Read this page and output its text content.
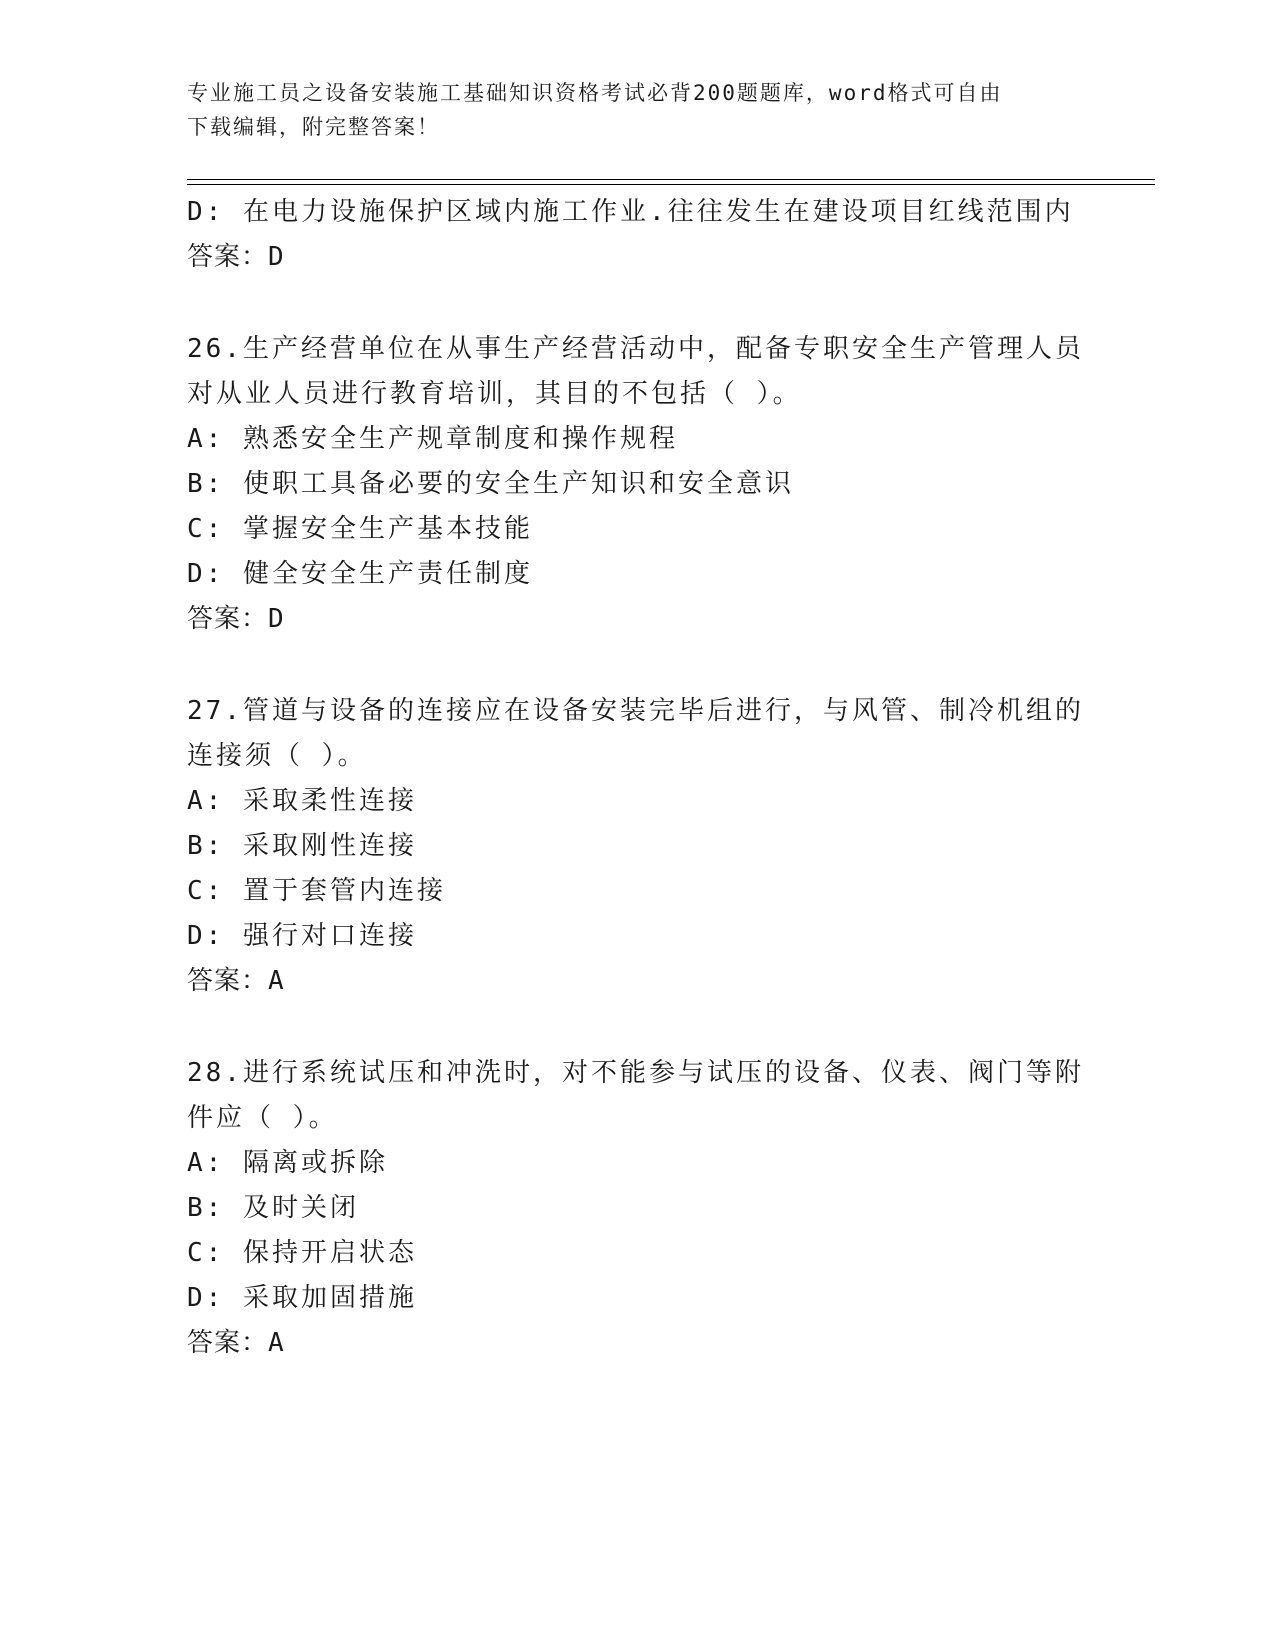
专业施工员之设备安装施工基础知识资格考试必背200题题库，word格式可自由
下载编辑，附完整答案！
D: 在电力设施保护区域内施工作业.往往发生在建设项目红线范围内
答案：D
26.生产经营单位在从事生产经营活动中，配备专职安全生产管理人员
对从业人员进行教育培训，其目的不包括（ ）。
A: 熟悉安全生产规章制度和操作规程
B: 使职工具备必要的安全生产知识和安全意识
C: 掌握安全生产基本技能
D: 健全安全生产责任制度
答案：D
27.管道与设备的连接应在设备安装完毕后进行，与风管、制冷机组的
连接须（ ）。
A: 采取柔性连接
B: 采取刚性连接
C: 置于套管内连接
D: 强行对口连接
答案：A
28.进行系统试压和冲洗时，对不能参与试压的设备、仪表、阀门等附
件应（ ）。
A: 隔离或拆除
B: 及时关闭
C: 保持开启状态
D: 采取加固措施
答案：A
